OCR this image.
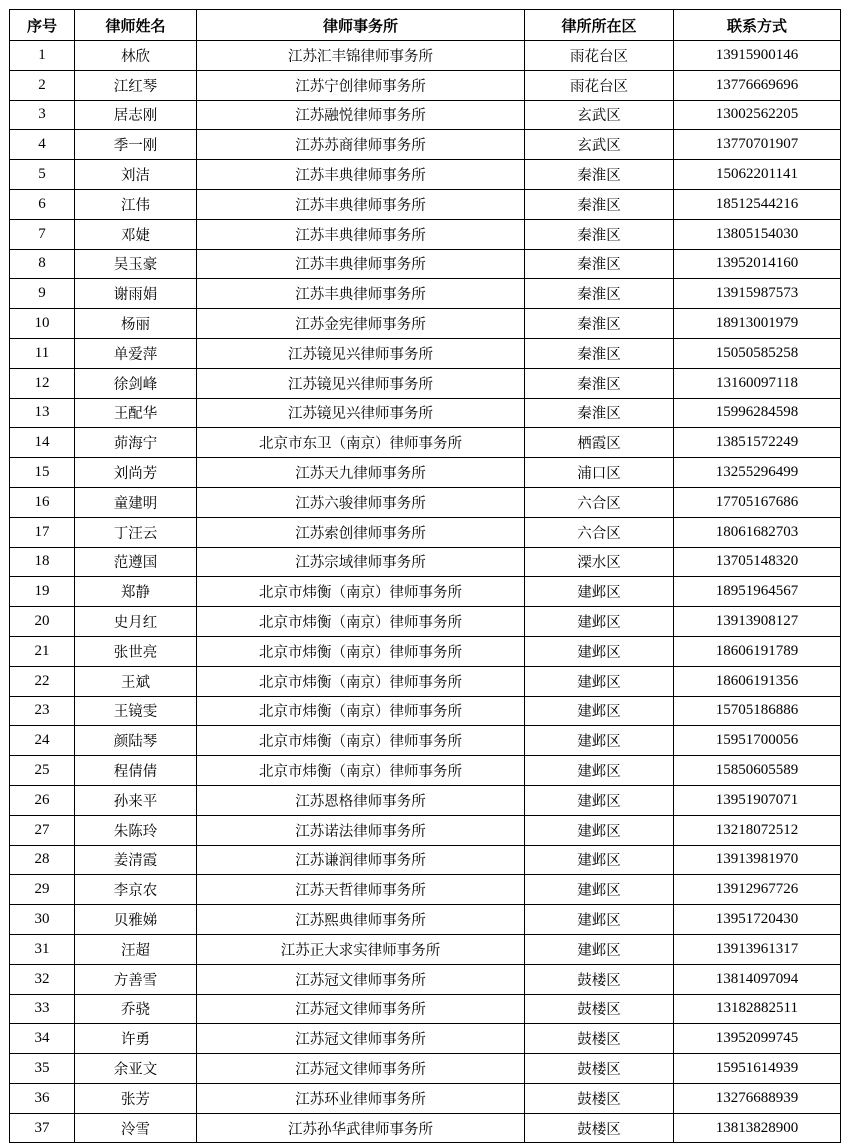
序号	律师姓名	律师事务所	律所所在区	联系方式
1	林欣	江苏汇丰锦律师事务所	雨花台区	13915900146
2	江红琴	江苏宁创律师事务所	雨花台区	13776669696
3	居志刚	江苏融悦律师事务所	玄武区	13002562205
4	季一刚	江苏苏商律师事务所	玄武区	13770701907
5	刘洁	江苏丰典律师事务所	秦淮区	15062201141
6	江伟	江苏丰典律师事务所	秦淮区	18512544216
7	邓婕	江苏丰典律师事务所	秦淮区	13805154030
8	吴玉豪	江苏丰典律师事务所	秦淮区	13952014160
9	谢雨娟	江苏丰典律师事务所	秦淮区	13915987573
10	杨丽	江苏金宪律师事务所	秦淮区	18913001979
11	单爱萍	江苏镜见兴律师事务所	秦淮区	15050585258
12	徐剑峰	江苏镜见兴律师事务所	秦淮区	13160097118
13	王配华	江苏镜见兴律师事务所	秦淮区	15996284598
14	茆海宁	北京市东卫（南京）律师事务所	栖霞区	13851572249
15	刘尚芳	江苏天九律师事务所	浦口区	13255296499
16	童建明	江苏六骏律师事务所	六合区	17705167686
17	丁汪云	江苏索创律师事务所	六合区	18061682703
18	范遵国	江苏宗域律师事务所	溧水区	13705148320
19	郑静	北京市炜衡（南京）律师事务所	建邺区	18951964567
20	史月红	北京市炜衡（南京）律师事务所	建邺区	13913908127
21	张世亮	北京市炜衡（南京）律师事务所	建邺区	18606191789
22	王斌	北京市炜衡（南京）律师事务所	建邺区	18606191356
23	王镜雯	北京市炜衡（南京）律师事务所	建邺区	15705186886
24	颜陆琴	北京市炜衡（南京）律师事务所	建邺区	15951700056
25	程倩倩	北京市炜衡（南京）律师事务所	建邺区	15850605589
26	孙来平	江苏恩格律师事务所	建邺区	13951907071
27	朱陈玲	江苏诺法律师事务所	建邺区	13218072512
28	姜清霞	江苏谦润律师事务所	建邺区	13913981970
29	李京农	江苏天哲律师事务所	建邺区	13912967726
30	贝雅娣	江苏熙典律师事务所	建邺区	13951720430
31	汪超	江苏正大求实律师事务所	建邺区	13913961317
32	方善雪	江苏冠文律师事务所	鼓楼区	13814097094
33	乔骁	江苏冠文律师事务所	鼓楼区	13182882511
34	许勇	江苏冠文律师事务所	鼓楼区	13952099745
35	余亚文	江苏冠文律师事务所	鼓楼区	15951614939
36	张芳	江苏环业律师事务所	鼓楼区	13276688939
37	泠雪	江苏孙华武律师事务所	鼓楼区	13813828900
